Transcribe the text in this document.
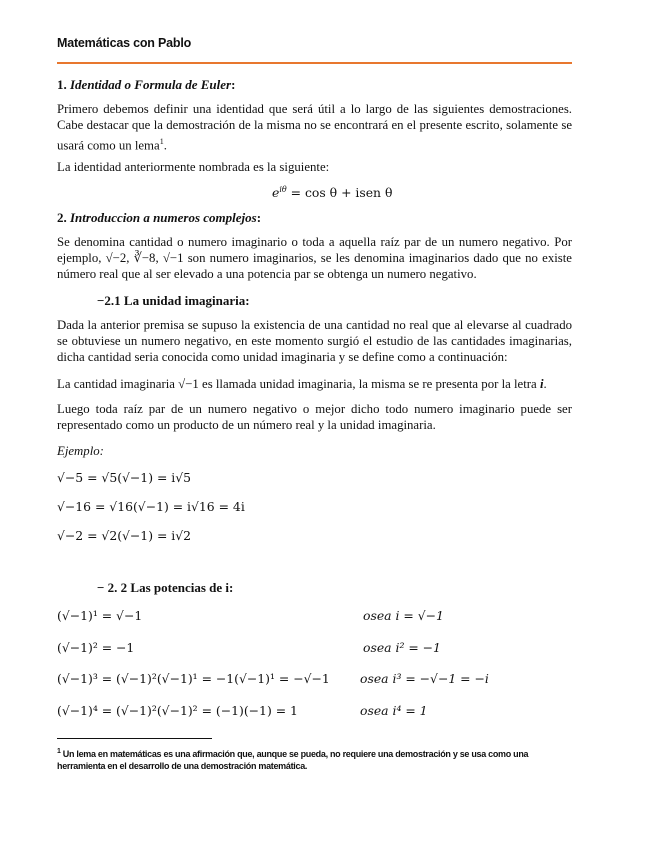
Matemáticas con Pablo
1. Identidad o Formula de Euler:
Primero debemos definir una identidad que será útil a lo largo de las siguientes demostraciones. Cabe destacar que la demostración de la misma no se encontrará en el presente escrito, solamente se usará como un lema$^1$.
La identidad anteriormente nombrada es la siguiente:
$e^{i\theta} = \cos \theta$ + isen θ
2. Introduccion a numeros complejos:
Se denomina cantidad o numero imaginario o toda a aquella raíz par de un numero negativo. Por ejemplo, √−2, ∛−8, √−1 son numero imaginarios, se les denomina imaginarios dado que no existe número real que al ser elevado a una potencia par se obtenga un numero negativo.
−2.1 La unidad imaginaria:
Dada la anterior premisa se supuso la existencia de una cantidad no real que al elevarse al cuadrado se obtuviese un numero negativo, en este momento surgió el estudio de las cantidades imaginarias, dicha cantidad seria conocida como unidad imaginaria y se define como a continuación:
La cantidad imaginaria √−1 es llamada unidad imaginaria, la misma se re presenta por la letra i.
Luego toda raíz par de un numero negativo o mejor dicho todo numero imaginario puede ser representado como un producto de un número real y la unidad imaginaria.
Ejemplo:
√−5 = √5(√−1) = i√5
√−16 = √16(√−1) = i√16 = 4i
√−2 = √2(√−1) = i√2
− 2. 2 Las potencias de i:
(√−1)¹ = √−1
(√−1)² = −1
(√−1)³ = (√−1)²(√−1)¹ = −1(√−1)¹ = −√−1
(√−1)⁴ = (√−1)²(√−1)² = (−1)(−1) = 1
osea i = √−1
osea i² = −1
osea i³ = −√−1 = −i
osea i⁴ = 1
$^1$ Un lema en matemáticas es una afirmación que, aunque se pueda, no requiere una demostración y se usa como una herramienta en el desarrollo de una demostración matemática.
